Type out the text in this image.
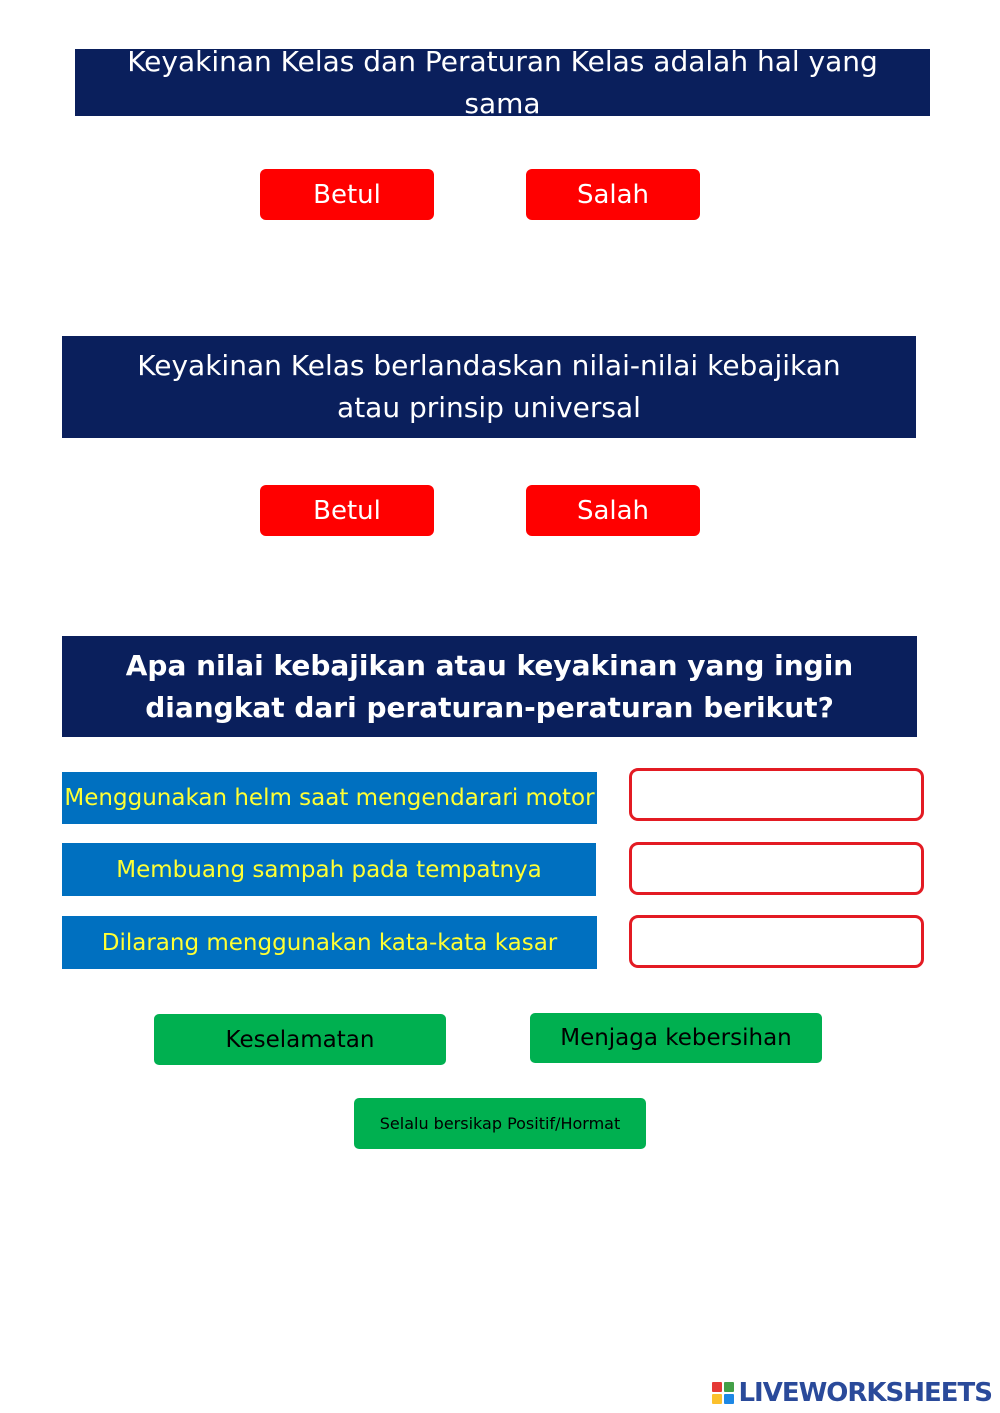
Keyakinan Kelas dan Peraturan Kelas adalah hal yang sama
Betul	Salah
Keyakinan Kelas berlandaskan nilai-nilai kebajikan atau prinsip universal
Betul	Salah
Apa nilai kebajikan atau keyakinan yang ingin diangkat dari peraturan-peraturan berikut?
Menggunakan helm saat mengendarari motor
Membuang sampah pada tempatnya
Dilarang menggunakan kata-kata kasar
Keselamatan	Menjaga kebersihan
Selalu bersikap Positif/Hormat
LIVEWORKSHEETS
